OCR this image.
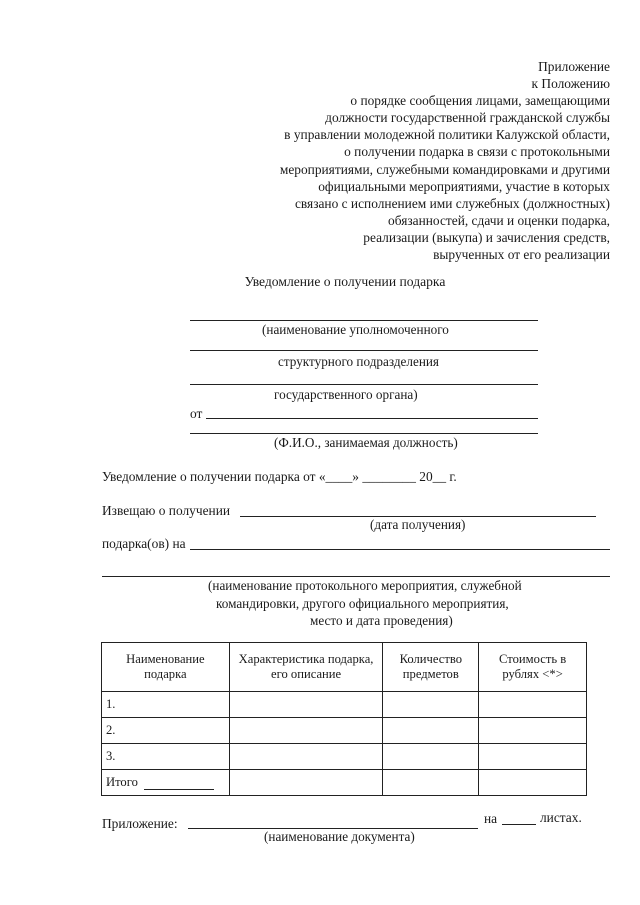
Приложение
к Положению
о порядке сообщения лицами, замещающими
должности государственной гражданской службы
в управлении молодежной политики Калужской области,
о получении подарка в связи с протокольными
мероприятиями, служебными командировками и другими
официальными мероприятиями, участие в которых
связано с исполнением ими служебных (должностных)
обязанностей, сдачи и оценки подарка,
реализации (выкупа) и зачисления средств,
вырученных от его реализации
Уведомление о получении подарка
(наименование уполномоченного
структурного подразделения
государственного органа)
от
(Ф.И.О., занимаемая должность)
Уведомление о получении подарка от «____» ________ 20__ г.
Извещаю о получении
(дата получения)
подарка(ов) на
(наименование протокольного мероприятия, служебной
командировки, другого официального мероприятия,
место и дата проведения)
Наименование подарка	Характеристика подарка, его описание	Количество предметов	Стоимость в рублях <*>
1.			
2.			
3.			
Итого			
Приложение:	на	листах.
(наименование документа)
